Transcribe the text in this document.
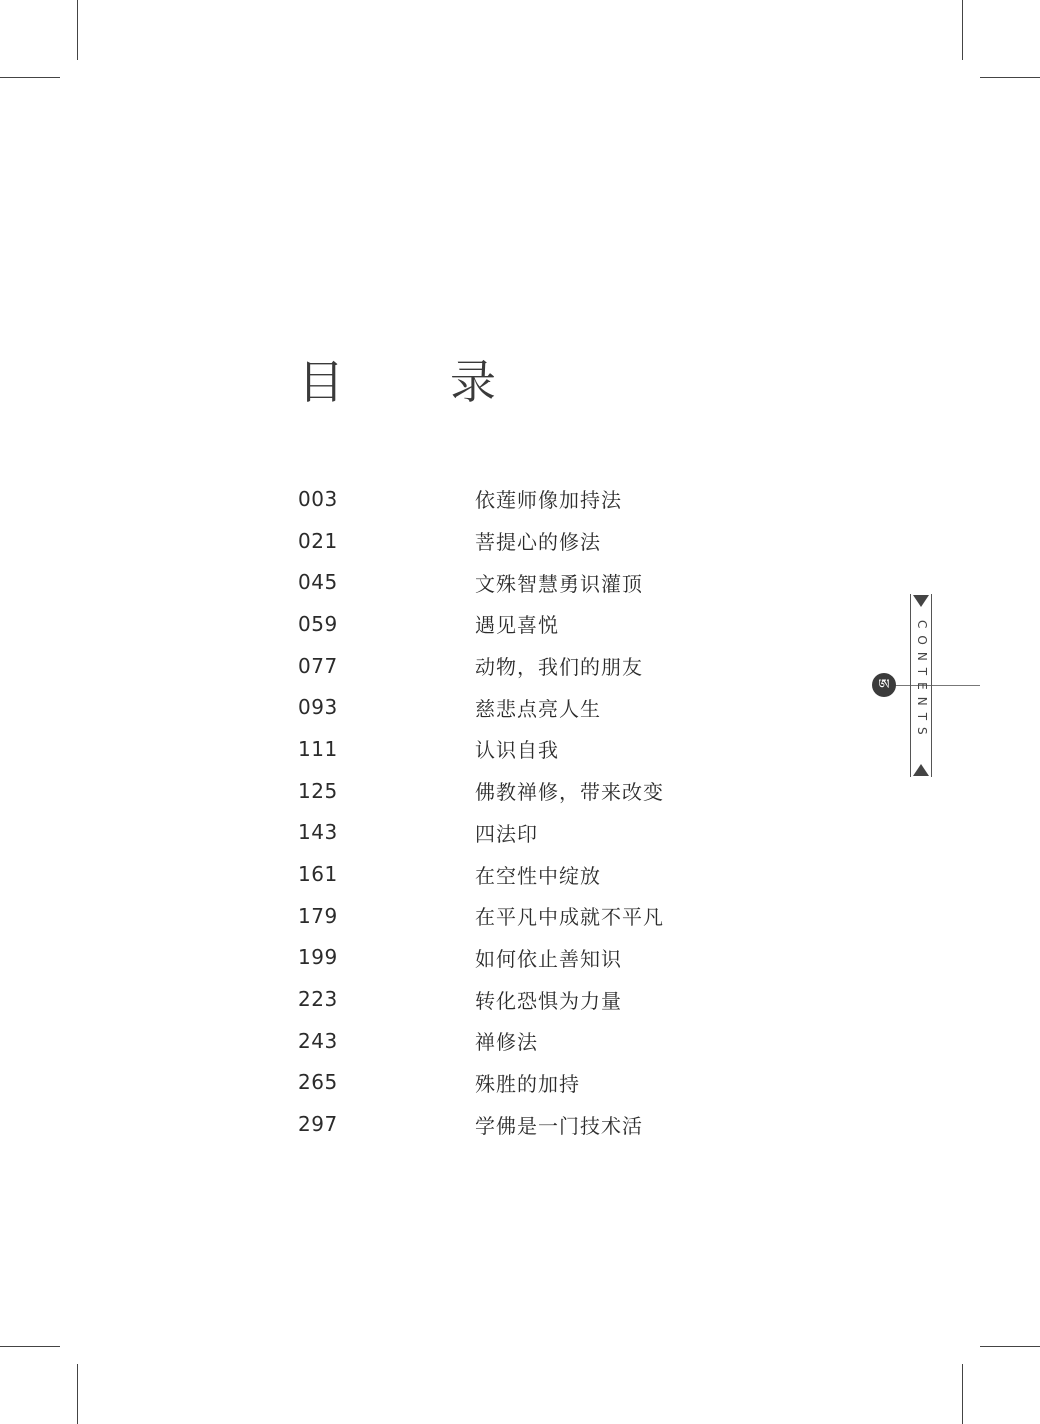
目　录
003	依莲师像加持法
021	菩提心的修法
045	文殊智慧勇识灌顶
059	遇见喜悦
077	动物，我们的朋友
093	慈悲点亮人生
111	认识自我
125	佛教禅修，带来改变
143	四法印
161	在空性中绽放
179	在平凡中成就不平凡
199	如何依止善知识
223	转化恐惧为力量
243	禅修法
265	殊胜的加持
297	学佛是一门技术活
ཨ	CONTENTS
